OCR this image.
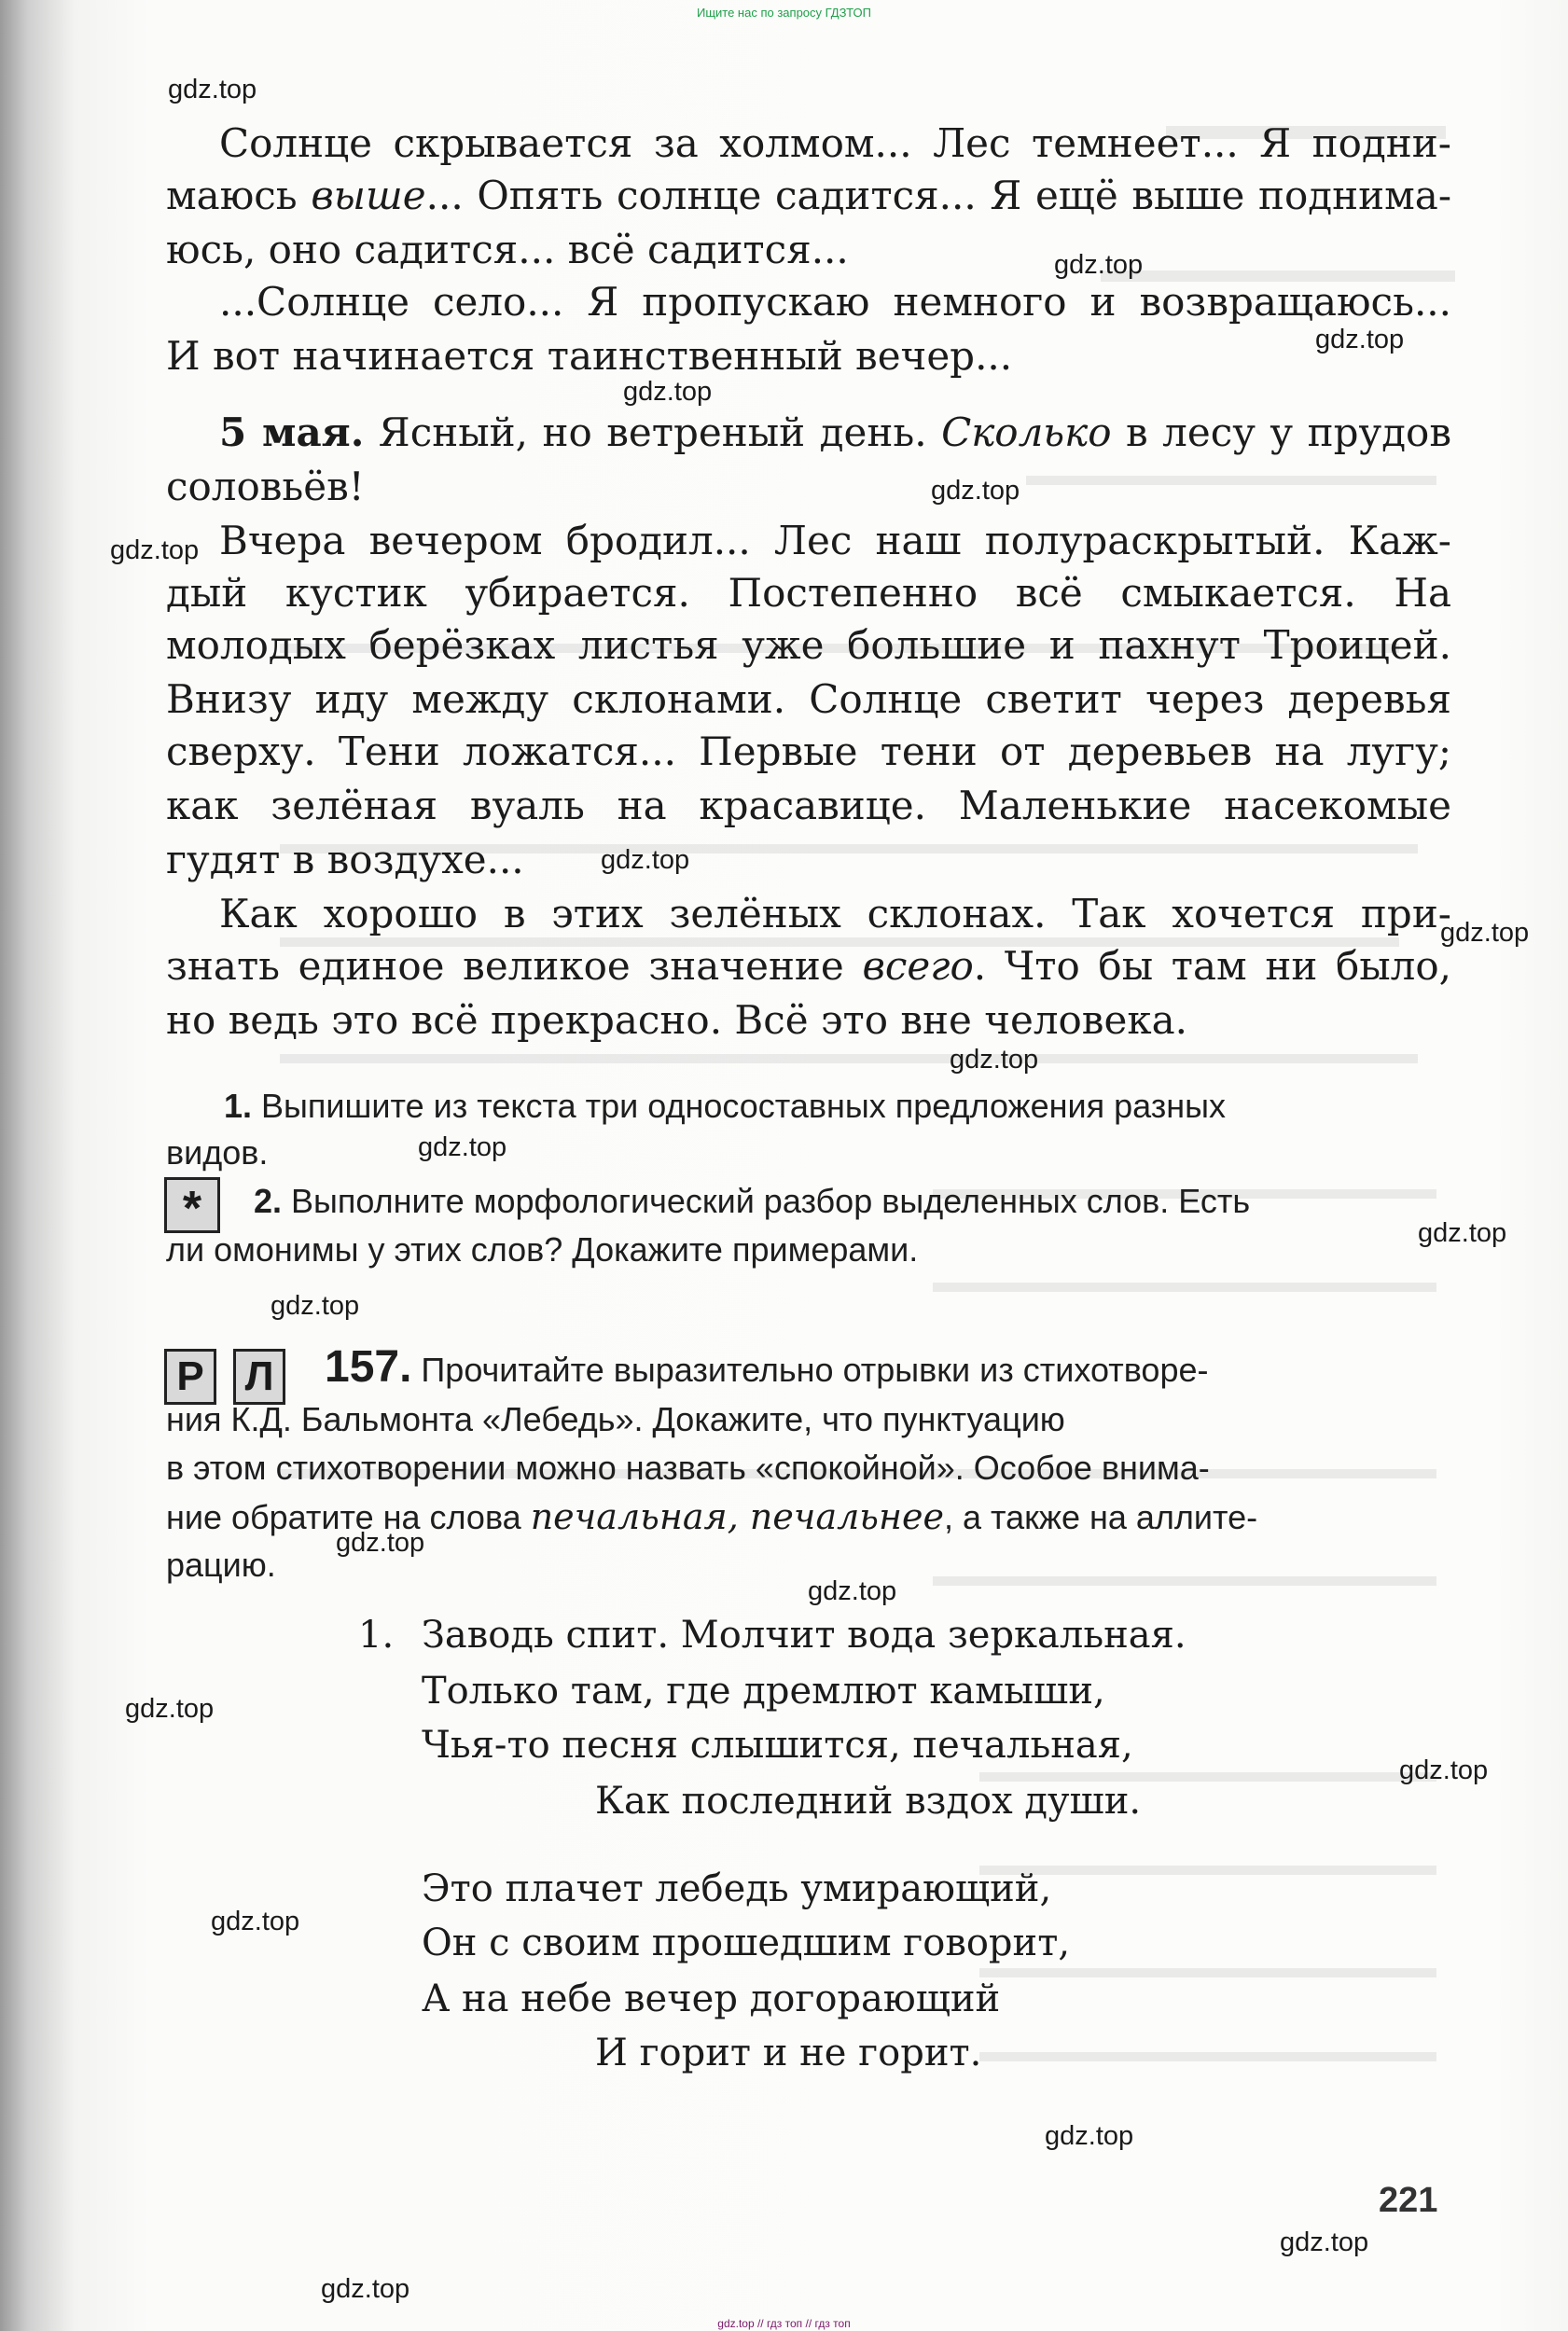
Ищите нас по запросу ГДЗТОП
Солнце скрывается за холмом... Лес темнеет... Я подни-
маюсь выше... Опять солнце садится... Я ещё выше поднима-
юсь, оно садится... всё садится...
...Солнце село... Я пропускаю немного и возвращаюсь...
И вот начинается таинственный вечер...
5 мая. Ясный, но ветреный день. Сколько в лесу у прудов
соловьёв!
Вчера вечером бродил... Лес наш полураскрытый. Каж-
дый кустик убирается. Постепенно всё смыкается. На
молодых берёзках листья уже большие и пахнут Троицей.
Внизу иду между склонами. Солнце светит через деревья
сверху. Тени ложатся... Первые тени от деревьев на лугу;
как зелёная вуаль на красавице. Маленькие насекомые
гудят в воздухе...
Как хорошо в этих зелёных склонах. Так хочется при-
знать единое великое значение всего. Что бы там ни было,
но ведь это всё прекрасно. Всё это вне человека.
1. Выпишите из текста три односоставных предложения разных
видов.
*	2. Выполните морфологический разбор выделенных слов. Есть
ли омонимы у этих слов? Докажите примерами.
Р Л 157. Прочитайте выразительно отрывки из стихотворе-
ния К.Д. Бальмонта «Лебедь». Докажите, что пунктуацию
в этом стихотворении можно назвать «спокойной». Особое внима-
ние обратите на слова печальная, печальнее, а также на аллите-
рацию.
1. Заводь спит. Молчит вода зеркальная.
Только там, где дремлют камыши,
Чья-то песня слышится, печальная,
Как последний вздох души.
Это плачет лебедь умирающий,
Он с своим прошедшим говорит,
А на небе вечер догорающий
И горит и не горит.
221
gdz.top
gdz.top
gdz.top
gdz.top
gdz.top
gdz.top
gdz.top
gdz.top
gdz.top
gdz.top
gdz.top
gdz.top
gdz.top
gdz.top
gdz.top
gdz.top
gdz.top
gdz.top
gdz.top
gdz.top
gdz.top // гдз топ // гдз топ
